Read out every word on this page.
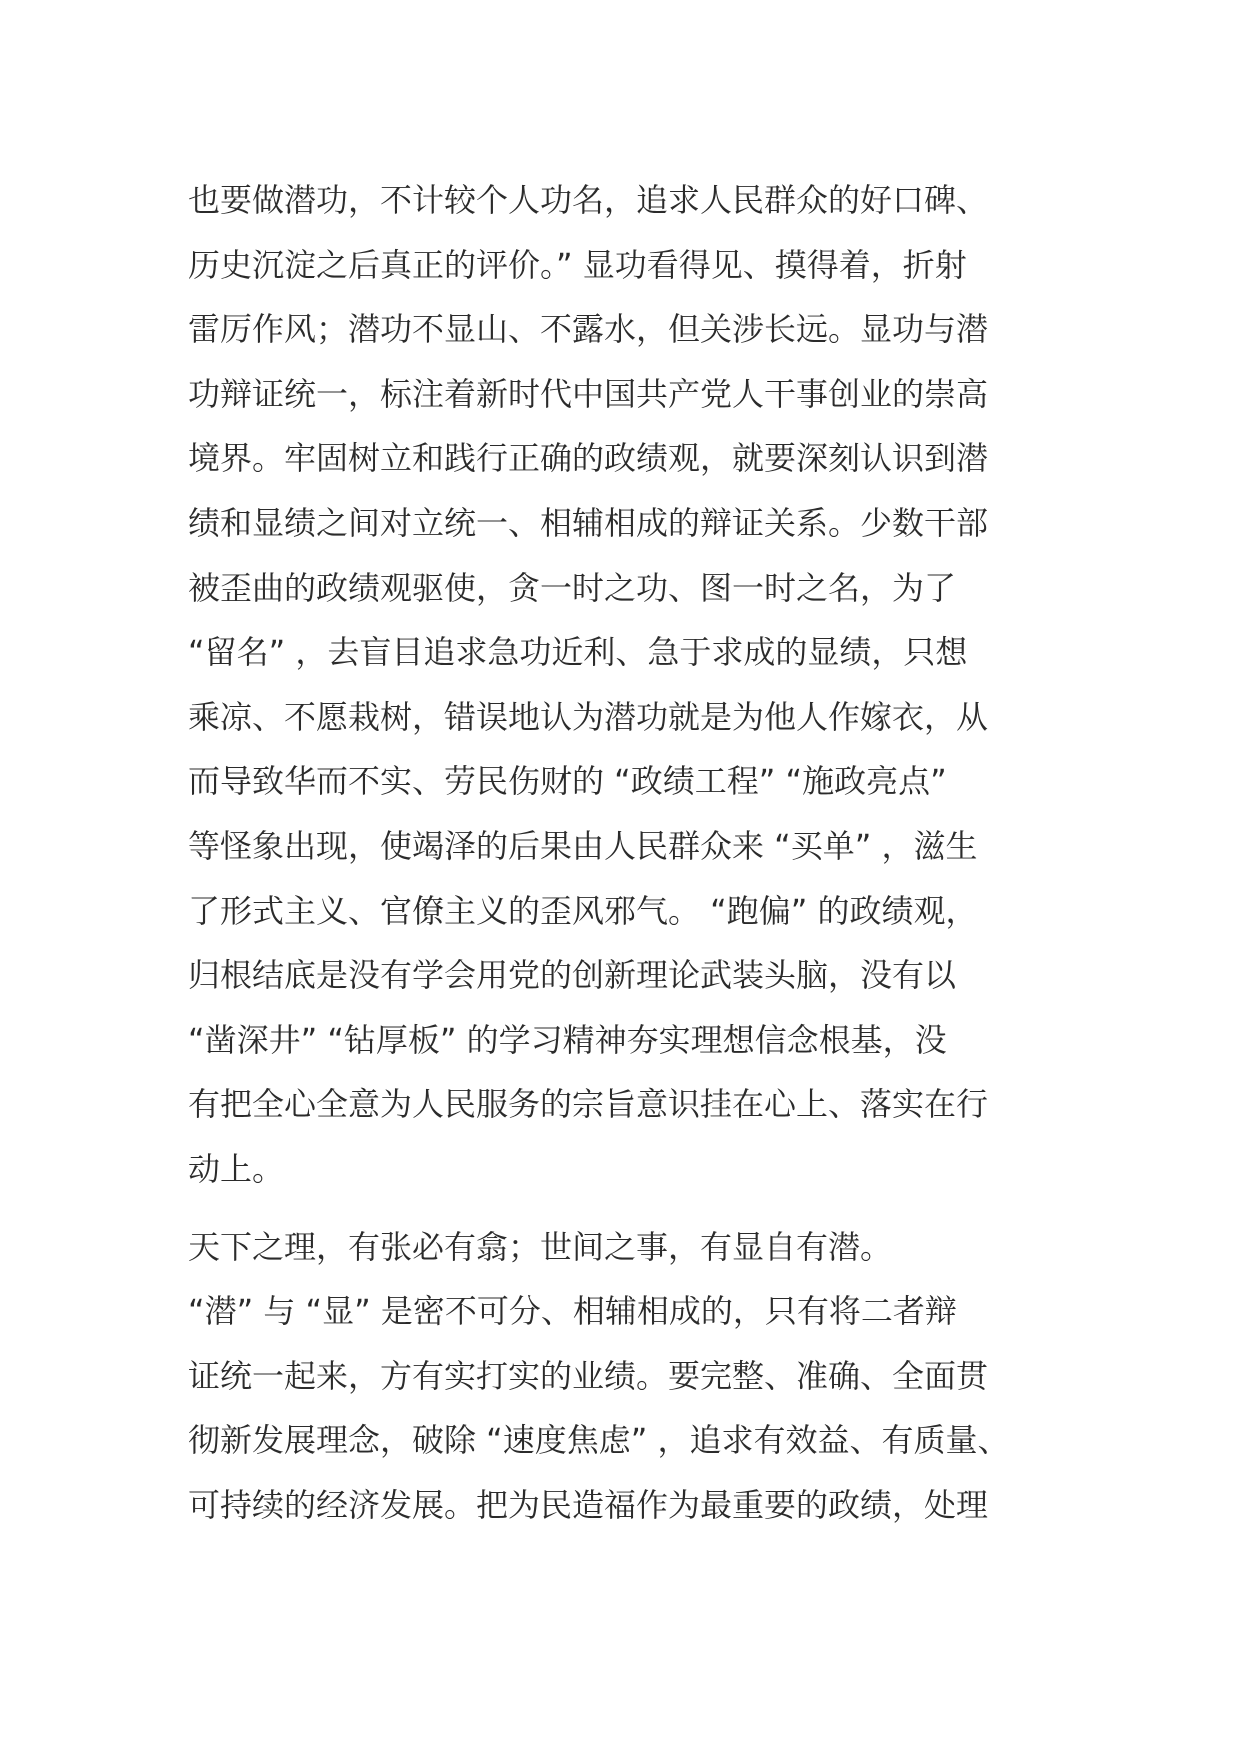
也要做潜功，不计较个人功名，追求人民群众的好口碑、
历史沉淀之后真正的评价。” 显功看得见、摸得着，折射
雷厉作风；潜功不显山、不露水，但关涉长远。显功与潜
功辩证统一，标注着新时代中国共产党人干事创业的崇高
境界。牢固树立和践行正确的政绩观，就要深刻认识到潜
绩和显绩之间对立统一、相辅相成的辩证关系。少数干部
被歪曲的政绩观驱使，贪一时之功、图一时之名，为了
“留名” ，去盲目追求急功近利、急于求成的显绩，只想
乘凉、不愿栽树，错误地认为潜功就是为他人作嫁衣，从
而导致华而不实、劳民伤财的 “政绩工程” “施政亮点”
等怪象出现，使竭泽的后果由人民群众来 “买单” ，滋生
了形式主义、官僚主义的歪风邪气。 “跑偏” 的政绩观，
归根结底是没有学会用党的创新理论武装头脑，没有以
“凿深井” “钻厚板” 的学习精神夯实理想信念根基，没
有把全心全意为人民服务的宗旨意识挂在心上、落实在行
动上。
天下之理，有张必有翕；世间之事，有显自有潜。
“潜” 与 “显” 是密不可分、相辅相成的，只有将二者辩
证统一起来，方有实打实的业绩。要完整、准确、全面贯
彻新发展理念，破除 “速度焦虑” ，追求有效益、有质量、
可持续的经济发展。把为民造福作为最重要的政绩，处理
